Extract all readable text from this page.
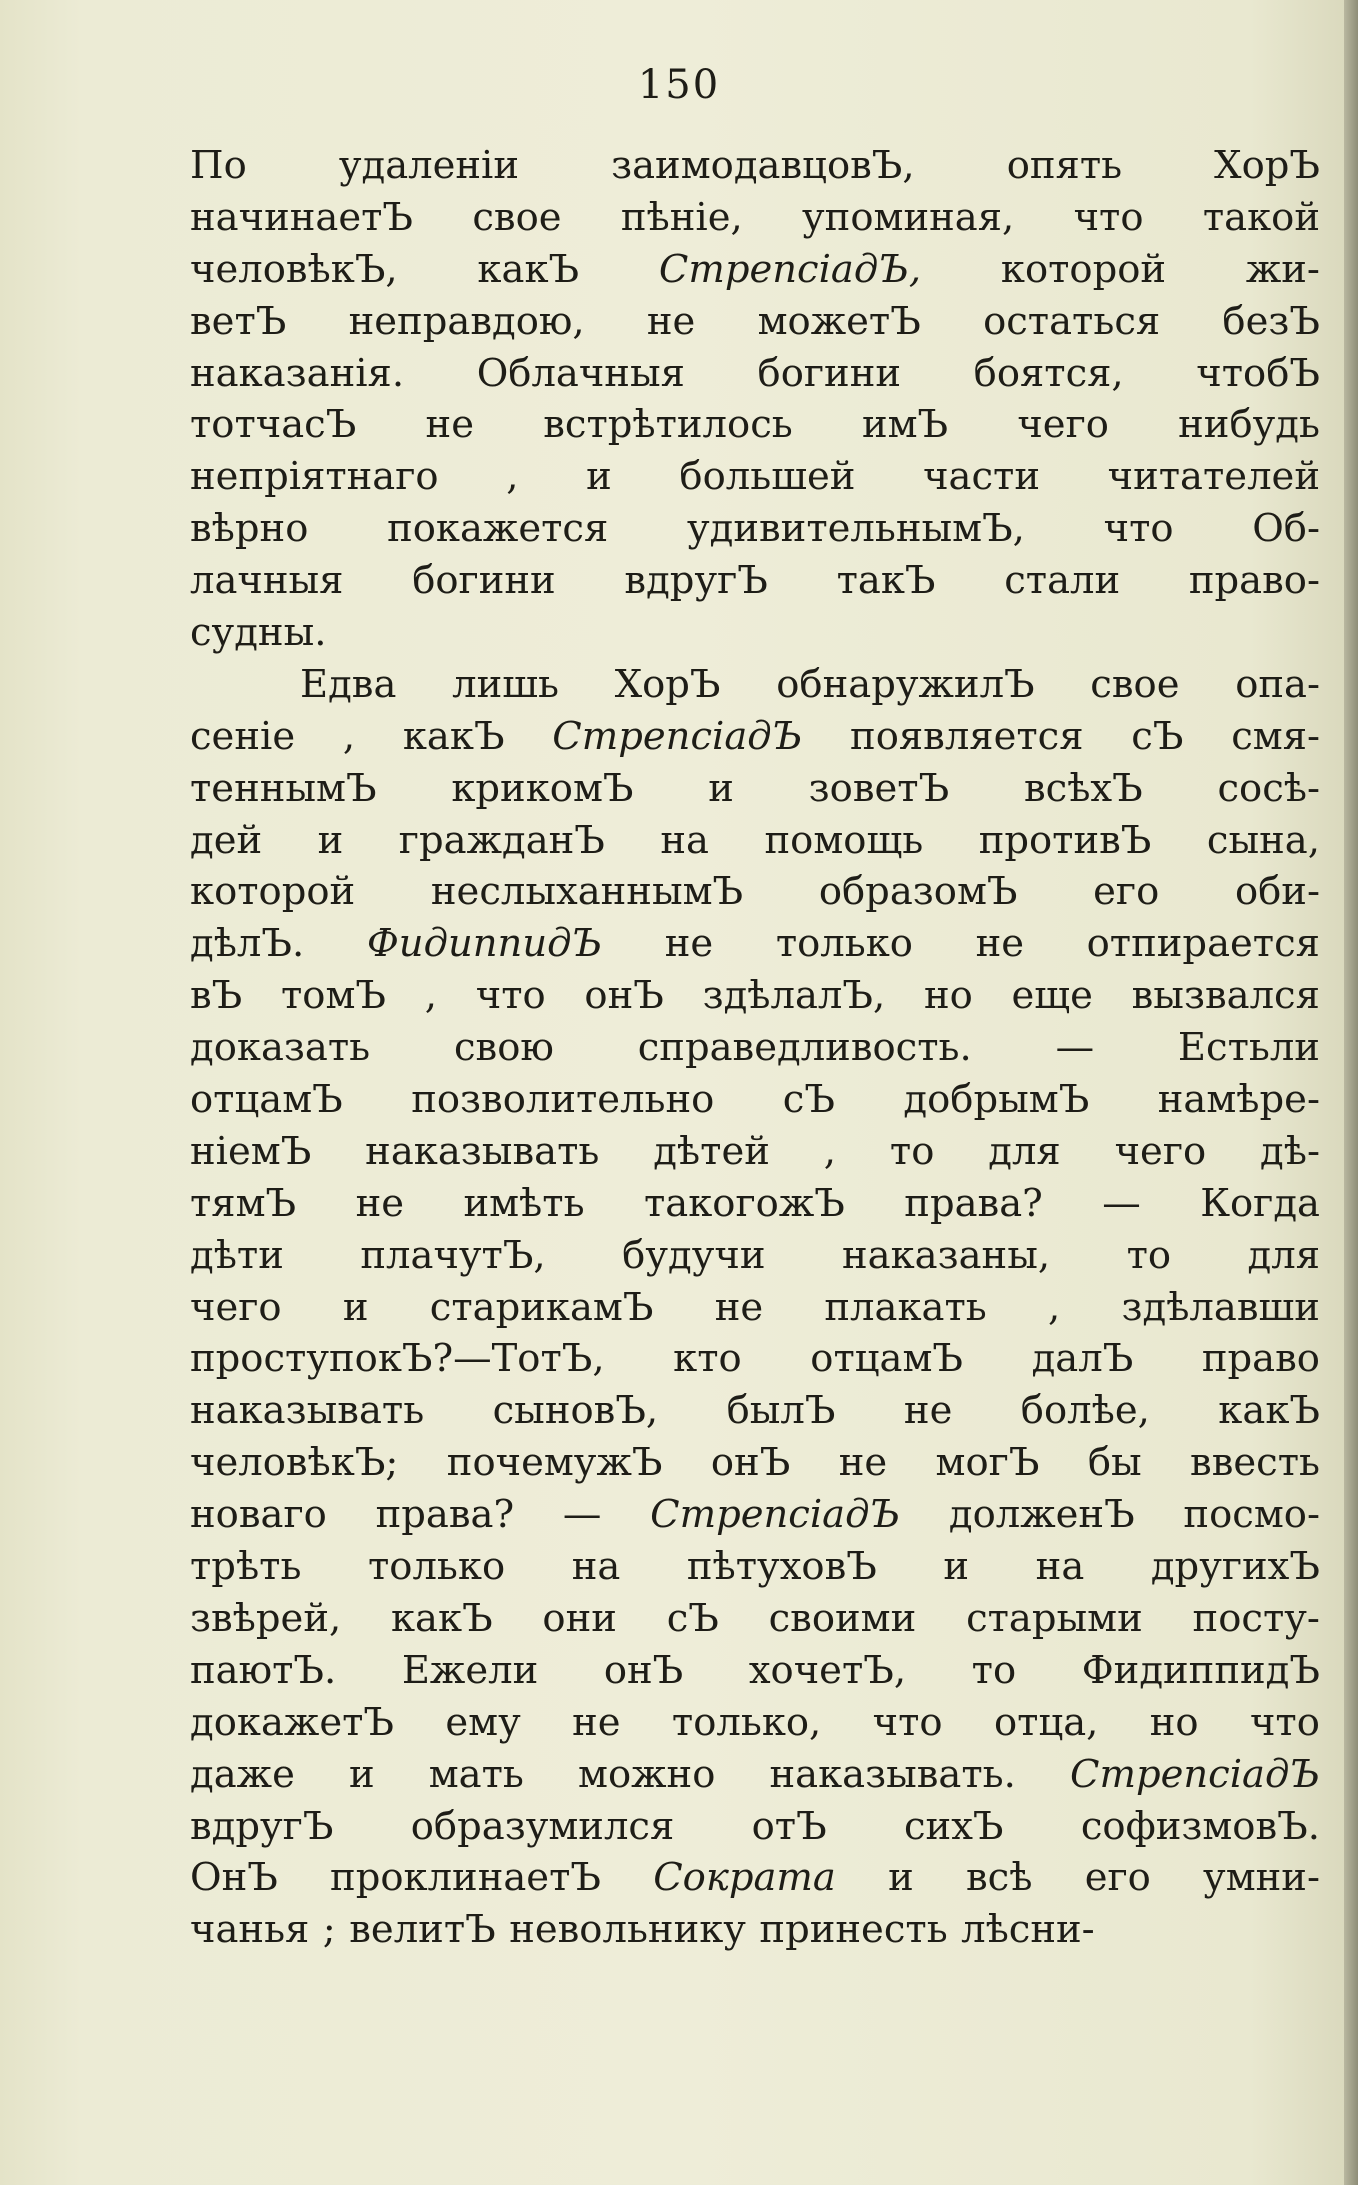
150
По удаленіи заимодавцовЪ, опять ХорЪ
начинаетЪ свое пѣніе, упоминая, что такой
человѣкЪ, какЪ СтрепсіадЪ, которой жи-
ветЪ неправдою, не можетЪ остаться безЪ
наказанія. Облачныя богини боятся, чтобЪ
тотчасЪ не встрѣтилось имЪ чего нибудь
непріятнаго , и большей части читателей
вѣрно покажется удивительнымЪ, что Об-
лачныя богини вдругЪ такЪ стали право-
судны.
Едва лишь ХорЪ обнаружилЪ свое опа-
сеніе , какЪ СтрепсіадЪ появляется сЪ смя-
теннымЪ крикомЪ и зоветЪ всѣхЪ сосѣ-
дей и гражданЪ на помощь противЪ сына,
которой неслыханнымЪ образомЪ его оби-
дѣлЪ. ФидиппидЪ не только не отпирается
вЪ томЪ , что онЪ здѣлалЪ, но еще вызвался
доказать свою справедливость. — Естьли
отцамЪ позволительно сЪ добрымЪ намѣре-
ніемЪ наказывать дѣтей , то для чего дѣ-
тямЪ не имѣть такогожЪ права? — Когда
дѣти плачутЪ, будучи наказаны, то для
чего и старикамЪ не плакать , здѣлавши
проступокЪ?—ТотЪ, кто отцамЪ далЪ право
наказывать сыновЪ, былЪ не болѣе, какЪ
человѣкЪ; почемужЪ онЪ не могЪ бы ввесть
новаго права? — СтрепсіадЪ долженЪ посмо-
трѣть только на пѣтуховЪ и на другихЪ
звѣрей, какЪ они сЪ своими старыми посту-
паютЪ. Ежели онЪ хочетЪ, то ФидиппидЪ
докажетЪ ему не только, что отца, но что
даже и мать можно наказывать. СтрепсіадЪ
вдругЪ образумился отЪ сихЪ софизмовЪ.
ОнЪ проклинаетЪ Сократа и всѣ его умни-
чанья ; велитЪ невольнику принесть лѣсни-
